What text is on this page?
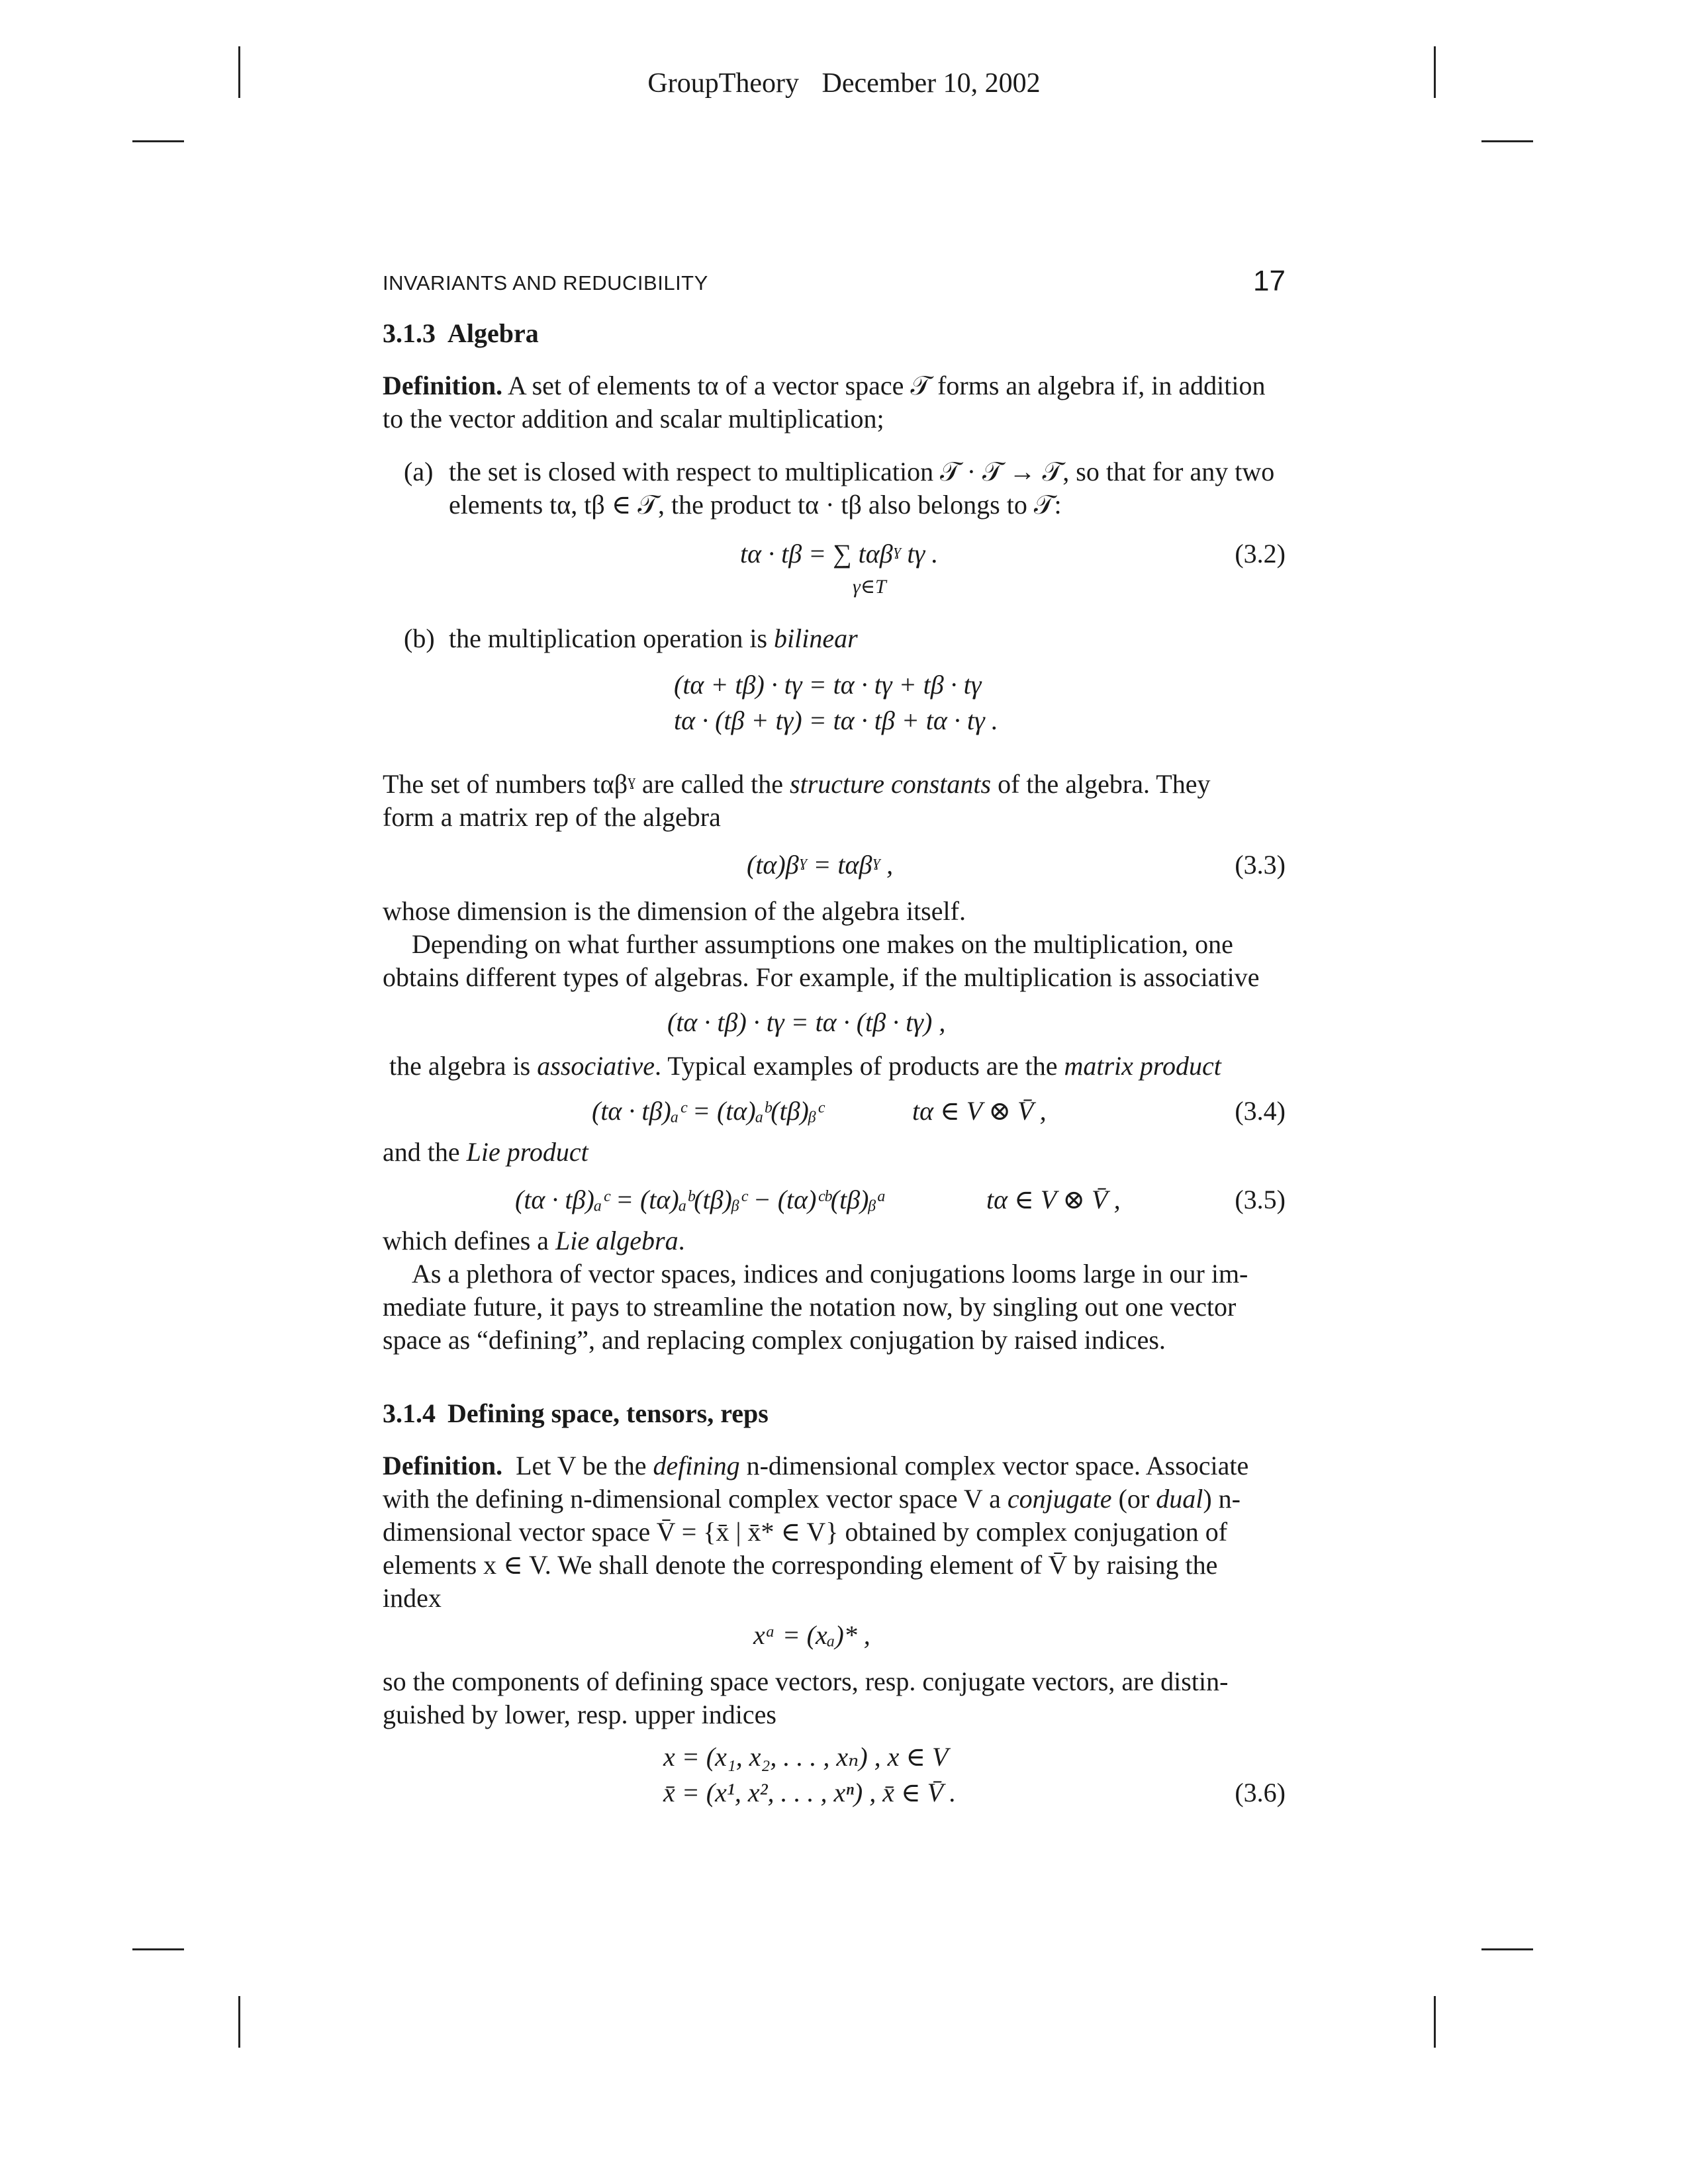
GroupTheory December 10, 2002
INVARIANTS AND REDUCIBILITY	17
3.1.3 Algebra
Definition. A set of elements tα of a vector space 𝒯 forms an algebra if, in addition
to the vector addition and scalar multiplication;
(a) the set is closed with respect to multiplication 𝒯 · 𝒯 → 𝒯, so that for any two
elements tα, tβ ∈ 𝒯, the product tα · tβ also belongs to 𝒯:
tα · tβ = ∑ tαβˠ tγ .
γ∈T
(3.2)
(b) the multiplication operation is bilinear
(tα + tβ) · tγ = tα · tγ + tβ · tγ
tα · (tβ + tγ) = tα · tβ + tα · tγ .
The set of numbers tαβˠ are called the structure constants of the algebra. They
form a matrix rep of the algebra
(tα)βˠ = tαβˠ ,	(3.3)
whose dimension is the dimension of the algebra itself.
Depending on what further assumptions one makes on the multiplication, one
obtains different types of algebras. For example, if the multiplication is associative
(tα · tβ) · tγ = tα · (tβ · tγ) ,
the algebra is associative. Typical examples of products are the matrix product
(tα · tβ)ₐᶜ = (tα)ₐᵇ(tβ)ᵦᶜ	tα ∈ V ⊗ V̄ ,	(3.4)
and the Lie product
(tα · tβ)ₐᶜ = (tα)ₐᵇ(tβ)ᵦᶜ − (tα)ᶜᵇ(tβ)ᵦᵃ	tα ∈ V ⊗ V̄ ,	(3.5)
which defines a Lie algebra.
As a plethora of vector spaces, indices and conjugations looms large in our im-
mediate future, it pays to streamline the notation now, by singling out one vector
space as “defining”, and replacing complex conjugation by raised indices.
3.1.4 Defining space, tensors, reps
Definition. Let V be the defining n-dimensional complex vector space. Associate
with the defining n-dimensional complex vector space V a conjugate (or dual) n-
dimensional vector space V̄ = {x̄ | x̄* ∈ V} obtained by complex conjugation of
elements x ∈ V. We shall denote the corresponding element of V̄ by raising the
index
xᵃ = (xₐ)* ,
so the components of defining space vectors, resp. conjugate vectors, are distin-
guished by lower, resp. upper indices
x = (x₁, x₂, . . . , xₙ) , x ∈ V
x̄ = (x¹, x², . . . , xⁿ) , x̄ ∈ V̄ .	(3.6)
